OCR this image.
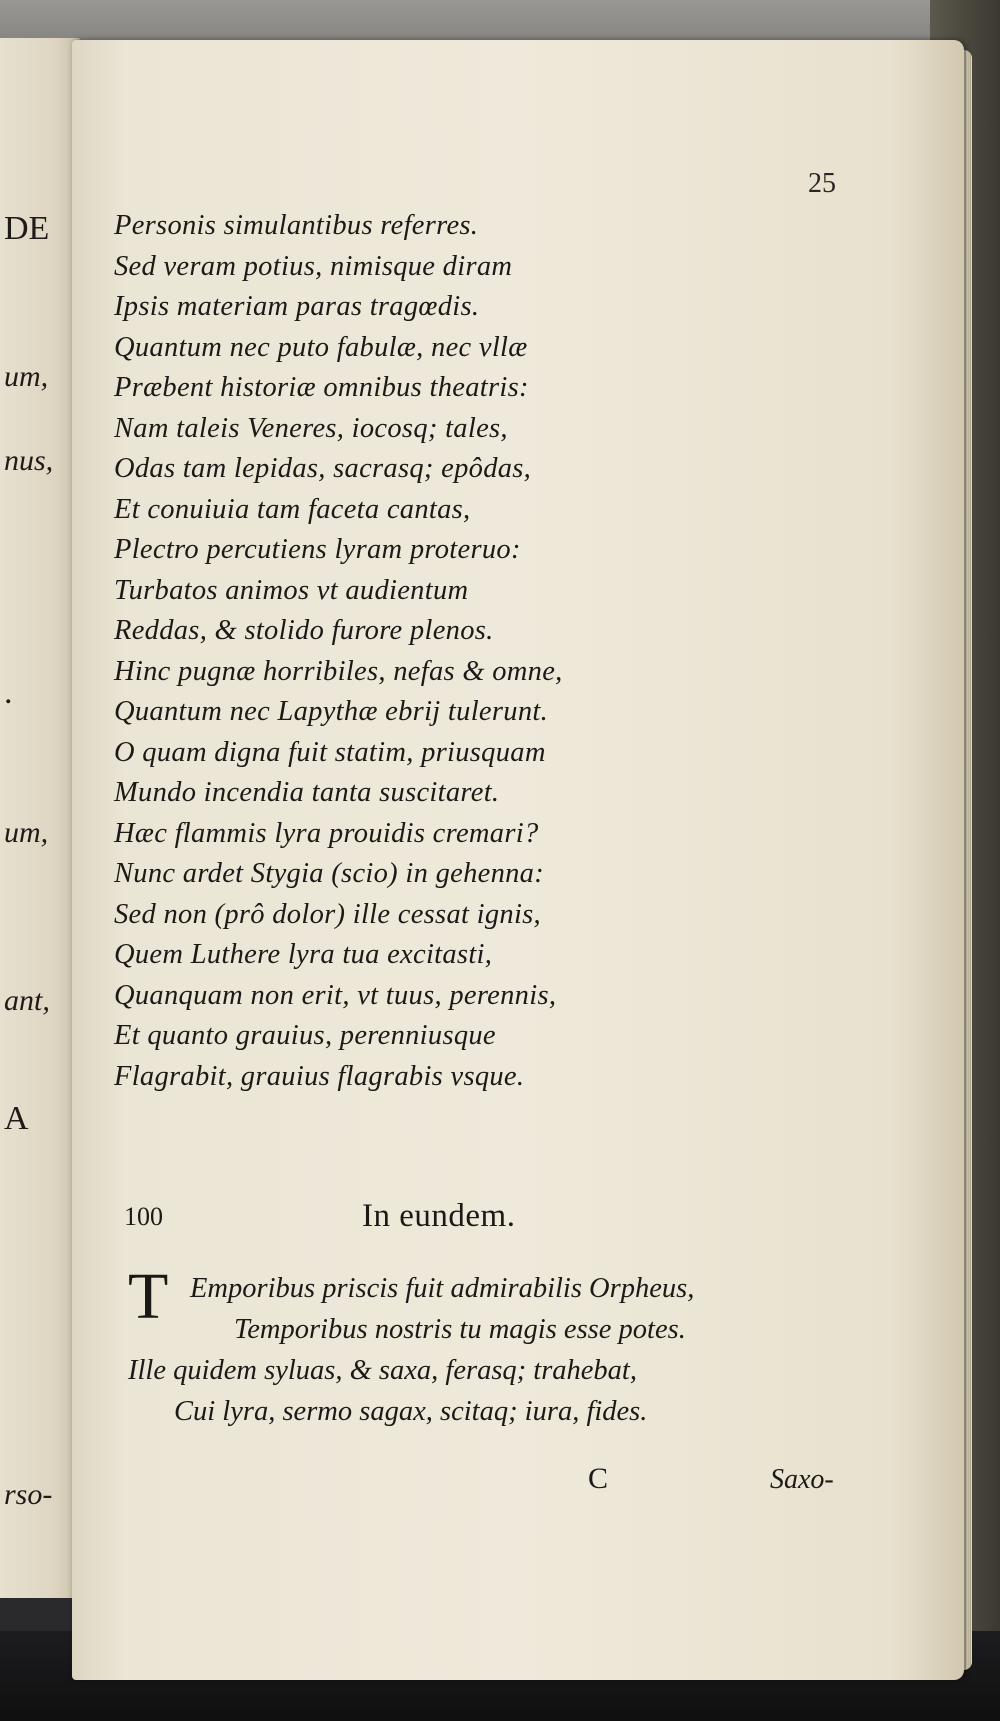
DE
um,
nus,
.
um,
ant,
A
rso-
25
Personis simulantibus referres.
Sed veram potius, nimisque diram
Ipsis materiam paras tragœdis.
Quantum nec puto fabulæ, nec vllæ
Præbent historiæ omnibus theatris:
Nam taleis Veneres, iocosq; tales,
Odas tam lepidas, sacrasq; epôdas,
Et conuiuia tam faceta cantas,
Plectro percutiens lyram proteruo:
Turbatos animos vt audientum
Reddas, & stolido furore plenos.
Hinc pugnæ horribiles, nefas & omne,
Quantum nec Lapythæ ebrij tulerunt.
O quam digna fuit statim, priusquam
Mundo incendia tanta suscitaret.
Hæc flammis lyra prouidis cremari?
Nunc ardet Stygia (scio) in gehenna:
Sed non (prô dolor) ille cessat ignis,
Quem Luthere lyra tua excitasti,
Quanquam non erit, vt tuus, perennis,
Et quanto grauius, perenniusque
Flagrabit, grauius flagrabis vsque.
100	In eundem.
T Emporibus priscis fuit admirabilis Orpheus,
Temporibus nostris tu magis esse potes.
Ille quidem syluas, & saxa, ferasq; trahebat,
Cui lyra, sermo sagax, scitaq; iura, fides.
C	Saxo-
